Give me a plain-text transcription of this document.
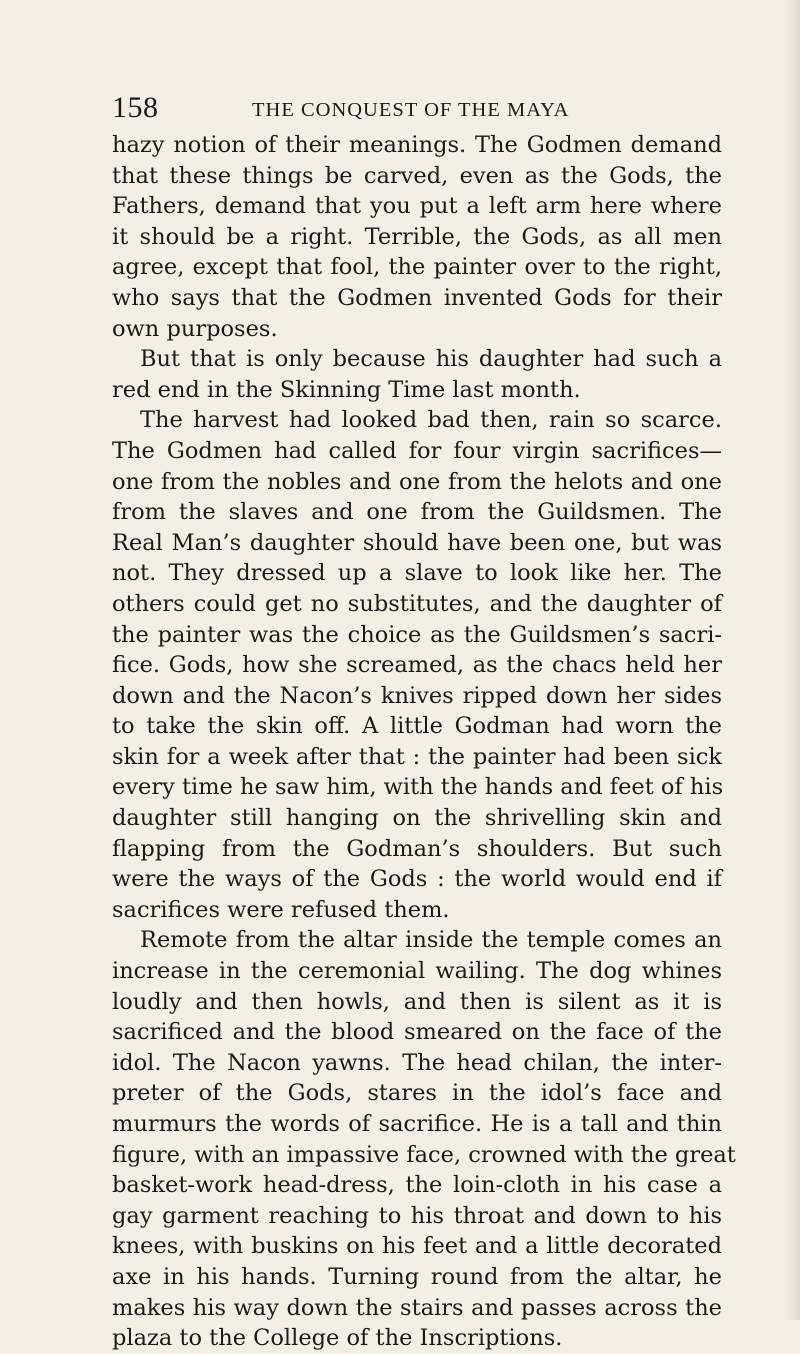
158	THE CONQUEST OF THE MAYA

hazy notion of their meanings. The Godmen demand
that these things be carved, even as the Gods, the
Fathers, demand that you put a left arm here where
it should be a right. Terrible, the Gods, as all men
agree, except that fool, the painter over to the right,
who says that the Godmen invented Gods for their
own purposes.

But that is only because his daughter had such a
red end in the Skinning Time last month.

The harvest had looked bad then, rain so scarce.
The Godmen had called for four virgin sacrifices—
one from the nobles and one from the helots and one
from the slaves and one from the Guildsmen. The
Real Man’s daughter should have been one, but was
not. They dressed up a slave to look like her. The
others could get no substitutes, and the daughter of
the painter was the choice as the Guildsmen’s sacri-
fice. Gods, how she screamed, as the chacs held her
down and the Nacon’s knives ripped down her sides
to take the skin off. A little Godman had worn the
skin for a week after that : the painter had been sick
every time he saw him, with the hands and feet of his
daughter still hanging on the shrivelling skin and
flapping from the Godman’s shoulders. But such
were the ways of the Gods : the world would end if
sacrifices were refused them.

Remote from the altar inside the temple comes an
increase in the ceremonial wailing. The dog whines
loudly and then howls, and then is silent as it is
sacrificed and the blood smeared on the face of the
idol. The Nacon yawns. The head chilan, the inter-
preter of the Gods, stares in the idol’s face and
murmurs the words of sacrifice. He is a tall and thin
figure, with an impassive face, crowned with the great
basket-work head-dress, the loin-cloth in his case a
gay garment reaching to his throat and down to his
knees, with buskins on his feet and a little decorated
axe in his hands. Turning round from the altar, he
makes his way down the stairs and passes across the
plaza to the College of the Inscriptions.
